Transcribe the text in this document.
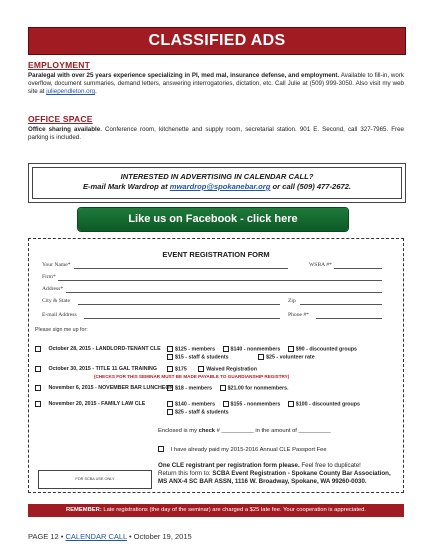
CLASSIFIED ADS
EMPLOYMENT
Paralegal with over 25 years experience specializing in PI, med mal, insurance defense, and employment. Available to fill-in, work overflow, document summaries, demand letters, answering interrogatories, dictation, etc. Call Julie at (509) 999-3050. Also visit my web site at juliependleton.org.
OFFICE SPACE
Office sharing available. Conference room, kitchenette and supply room, secretarial station. 901 E. Second, call 327-7965. Free parking is included.
INTERESTED IN ADVERTISING IN CALENDAR CALL?
E-mail Mark Wardrop at mwardrop@spokanebar.org or call (509) 477-2672.
Like us on Facebook - click here
EVENT REGISTRATION FORM
Your Name*	WSBA #*
Firm*
Address*
City & State	Zip
E-mail Address	Phone #*
Please sign me up for:
October 28, 2015 - LANDLORD-TENANT CLE	$125 - members	$140 - nonmembers	$90 - discounted groups
$15 - staff & students	$25 - volunteer rate
October 30, 2015 - TITLE 11 GAL TRAINING	$175	Waived Registration
(CHECKS FOR THIS SEMINAR MUST BE MADE PAYABLE TO GUARDIANSHIP REGISTRY)
November 6, 2015 - NOVEMBER BAR LUNCHEON $18 - members	$21.00 for nonmembers.
November 20, 2015 - FAMILY LAW CLE	$140 - members	$155 - nonmembers	$100 - discounted groups
$25 - staff & students
Enclosed is my check # __________ in the amount of __________
I have already paid my 2015-2016 Annual CLE Passport Fee
One CLE registrant per registration form please. Feel free to duplicate!
Return this form to: SCBA Event Registration - Spokane County Bar Association, MS ANX-4 SC BAR ASSN, 1116 W. Broadway, Spokane, WA 99260-0030.
FOR SCBA USE ONLY
REMEMBER: Late registrations (the day of the seminar) are charged a $25 late fee. Your cooperation is appreciated.
PAGE 12 • CALENDAR CALL • October 19, 2015
